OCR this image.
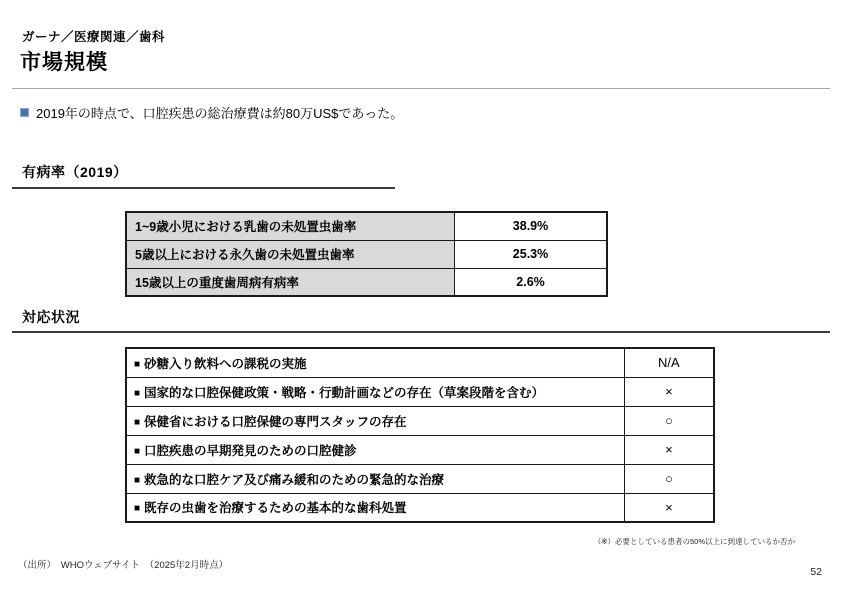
ガーナ／医療関連／歯科
市場規模
2019年の時点で、口腔疾患の総治療費は約80万US$であった。
有病率（2019）
1~9歳小児における乳歯の未処置虫歯率	38.9%
5歳以上における永久歯の未処置虫歯率	25.3%
15歳以上の重度歯周病有病率	2.6%
対応状況
■ 砂糖入り飲料への課税の実施	N/A
■ 国家的な口腔保健政策・戦略・行動計画などの存在（草案段階を含む）	×
■ 保健省における口腔保健の専門スタッフの存在	○
■ 口腔疾患の早期発見のための口腔健診	×
■ 救急的な口腔ケア及び痛み緩和のための緊急的な治療	○
■ 既存の虫歯を治療するための基本的な歯科処置	×
（※）必要としている患者の50%以上に到達しているか否か
（出所）　WHOウェブサイト　（2025年2月時点）
52
